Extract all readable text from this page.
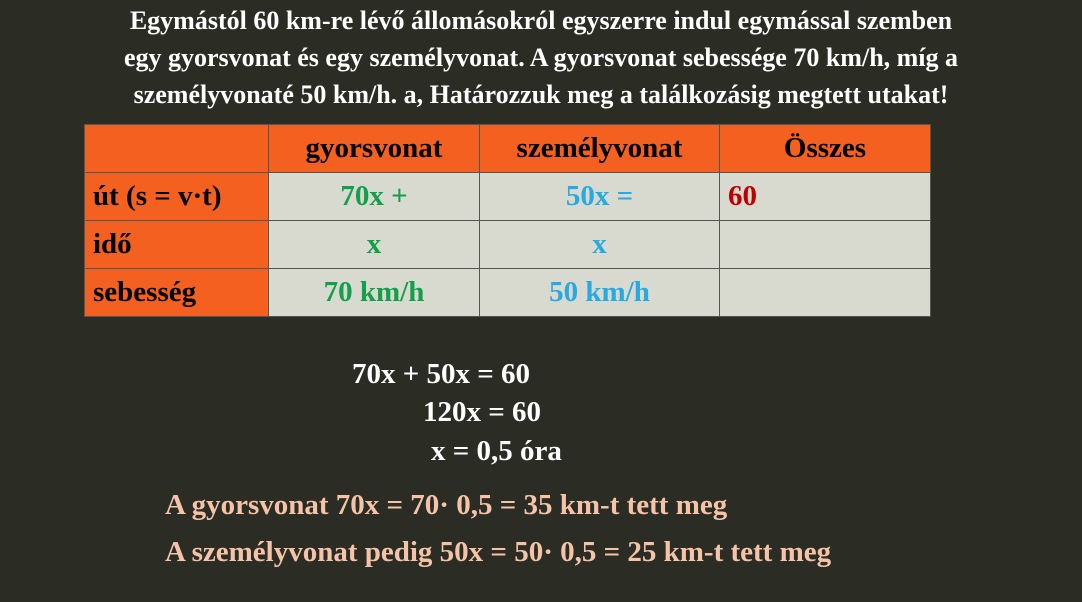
Egymástól 60 km-re lévő állomásokról egyszerre indul egymással szemben
egy gyorsvonat és egy személyvonat. A gyorsvonat sebessége 70 km/h, míg a
személyvonaté 50 km/h. a, Határozzuk meg a találkozásig megtett utakat!
	gyorsvonat	személyvonat	Összes
út (s = v·t)	70x +	50x =	60
idő	x	x	
sebesség	70 km/h	50 km/h	
70x + 50x = 60
120x = 60
x = 0,5 óra
A gyorsvonat 70x = 70· 0,5 = 35 km-t tett meg
A személyvonat pedig 50x = 50· 0,5 = 25 km-t tett meg
